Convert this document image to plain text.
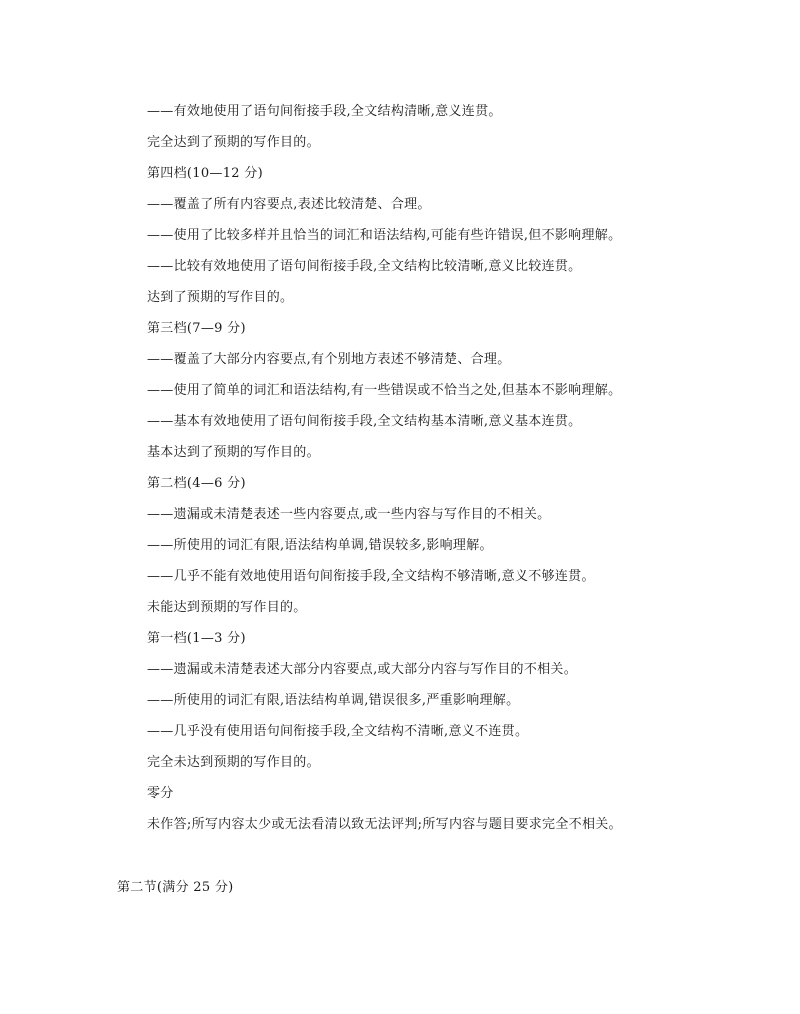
——有效地使用了语句间衔接手段,全文结构清晰,意义连贯。
完全达到了预期的写作目的。
第四档(10—12 分)
——覆盖了所有内容要点,表述比较清楚、合理。
——使用了比较多样并且恰当的词汇和语法结构,可能有些许错误,但不影响理解。
——比较有效地使用了语句间衔接手段,全文结构比较清晰,意义比较连贯。
达到了预期的写作目的。
第三档(7—9 分)
——覆盖了大部分内容要点,有个别地方表述不够清楚、合理。
——使用了简单的词汇和语法结构,有一些错误或不恰当之处,但基本不影响理解。
——基本有效地使用了语句间衔接手段,全文结构基本清晰,意义基本连贯。
基本达到了预期的写作目的。
第二档(4—6 分)
——遗漏或未清楚表述一些内容要点,或一些内容与写作目的不相关。
——所使用的词汇有限,语法结构单调,错误较多,影响理解。
——几乎不能有效地使用语句间衔接手段,全文结构不够清晰,意义不够连贯。
未能达到预期的写作目的。
第一档(1—3 分)
——遗漏或未清楚表述大部分内容要点,或大部分内容与写作目的不相关。
——所使用的词汇有限,语法结构单调,错误很多,严重影响理解。
——几乎没有使用语句间衔接手段,全文结构不清晰,意义不连贯。
完全未达到预期的写作目的。
零分
未作答;所写内容太少或无法看清以致无法评判;所写内容与题目要求完全不相关。
第二节(满分 25 分)
